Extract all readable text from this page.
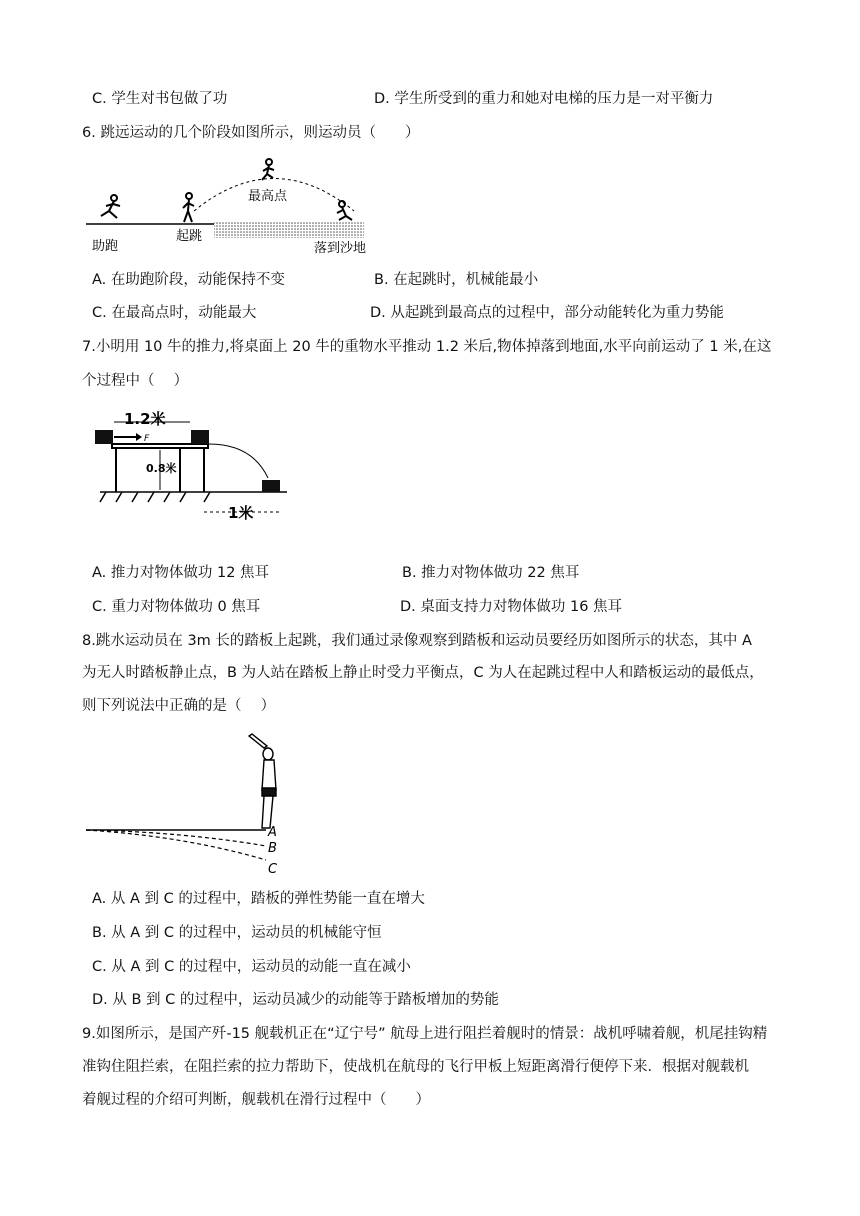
C. 学生对书包做了功	D. 学生所受到的重力和她对电梯的压力是一对平衡力
6. 跳远运动的几个阶段如图所示，则运动员（　　）
助跑
起跳
最高点
落到沙地
A. 在助跑阶段，动能保持不变	B. 在起跳时，机械能最小
C. 在最高点时，动能最大	D. 从起跳到最高点的过程中，部分动能转化为重力势能
7.小明用 10 牛的推力,将桌面上 20 牛的重物水平推动 1.2 米后,物体掉落到地面,水平向前运动了 1 米,在这
个过程中（　 ）
F
1.2米
0.8米
1米
A. 推力对物体做功 12 焦耳	B. 推力对物体做功 22 焦耳
C. 重力对物体做功 0 焦耳	D. 桌面支持力对物体做功 16 焦耳
8.跳水运动员在 3m 长的踏板上起跳，我们通过录像观察到踏板和运动员要经历如图所示的状态，其中 A
为无人时踏板静止点，B 为人站在踏板上静止时受力平衡点，C 为人在起跳过程中人和踏板运动的最低点，
则下列说法中正确的是（　 ）
A
B
C
A. 从 A 到 C 的过程中，踏板的弹性势能一直在增大
B. 从 A 到 C 的过程中，运动员的机械能守恒
C. 从 A 到 C 的过程中，运动员的动能一直在减小
D. 从 B 到 C 的过程中，运动员减少的动能等于踏板增加的势能
9.如图所示，是国产歼-15 舰载机正在“辽宁号” 航母上进行阻拦着舰时的情景：战机呼啸着舰，机尾挂钩精
准钩住阻拦索，在阻拦索的拉力帮助下，使战机在航母的飞行甲板上短距离滑行便停下来．根据对舰载机
着舰过程的介绍可判断，舰载机在滑行过程中（　　）
